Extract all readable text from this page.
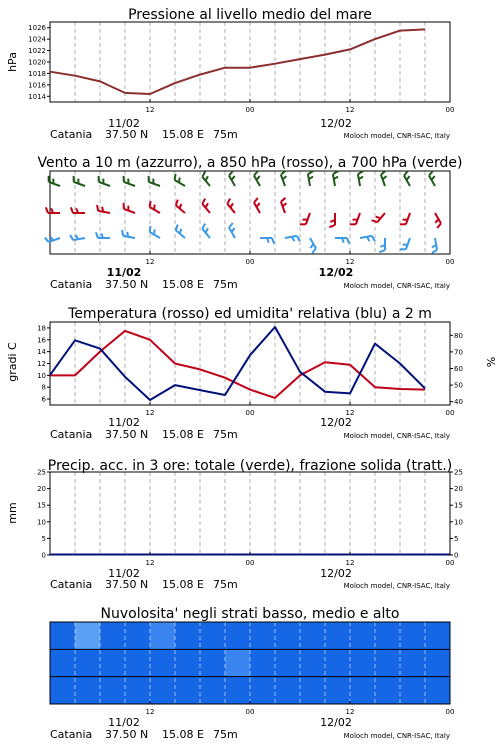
Pressione al livello medio del mare
hPa
1014
1016
1018
1020
1022
1024
1026
12	00	12	00
11/02	12/02
Catania 37.50 N 15.08 E 75m	Moloch model, CNR-ISAC, Italy
Vento a 10 m (azzurro), a 850 hPa (rosso), a 700 hPa (verde)
12	00	12	00
11/02	12/02
Catania 37.50 N 15.08 E 75m	Moloch model, CNR-ISAC, Italy
Temperatura (rosso) ed umidita' relativa (blu) a 2 m
gradi C	%
6
8
10
12
14
16
18
40
50
60
70
80
12	00	12	00
11/02	12/02
Catania 37.50 N 15.08 E 75m	Moloch model, CNR-ISAC, Italy
Precip. acc. in 3 ore: totale (verde), frazione solida (tratt.)
mm
0
5
10
15
20
25
0
5
10
15
20
25
12	00	12	00
11/02	12/02
Catania 37.50 N 15.08 E 75m	Moloch model, CNR-ISAC, Italy
Nuvolosita' negli strati basso, medio e alto
12	00	12	00
11/02	12/02
Catania 37.50 N 15.08 E 75m	Moloch model, CNR-ISAC, Italy
